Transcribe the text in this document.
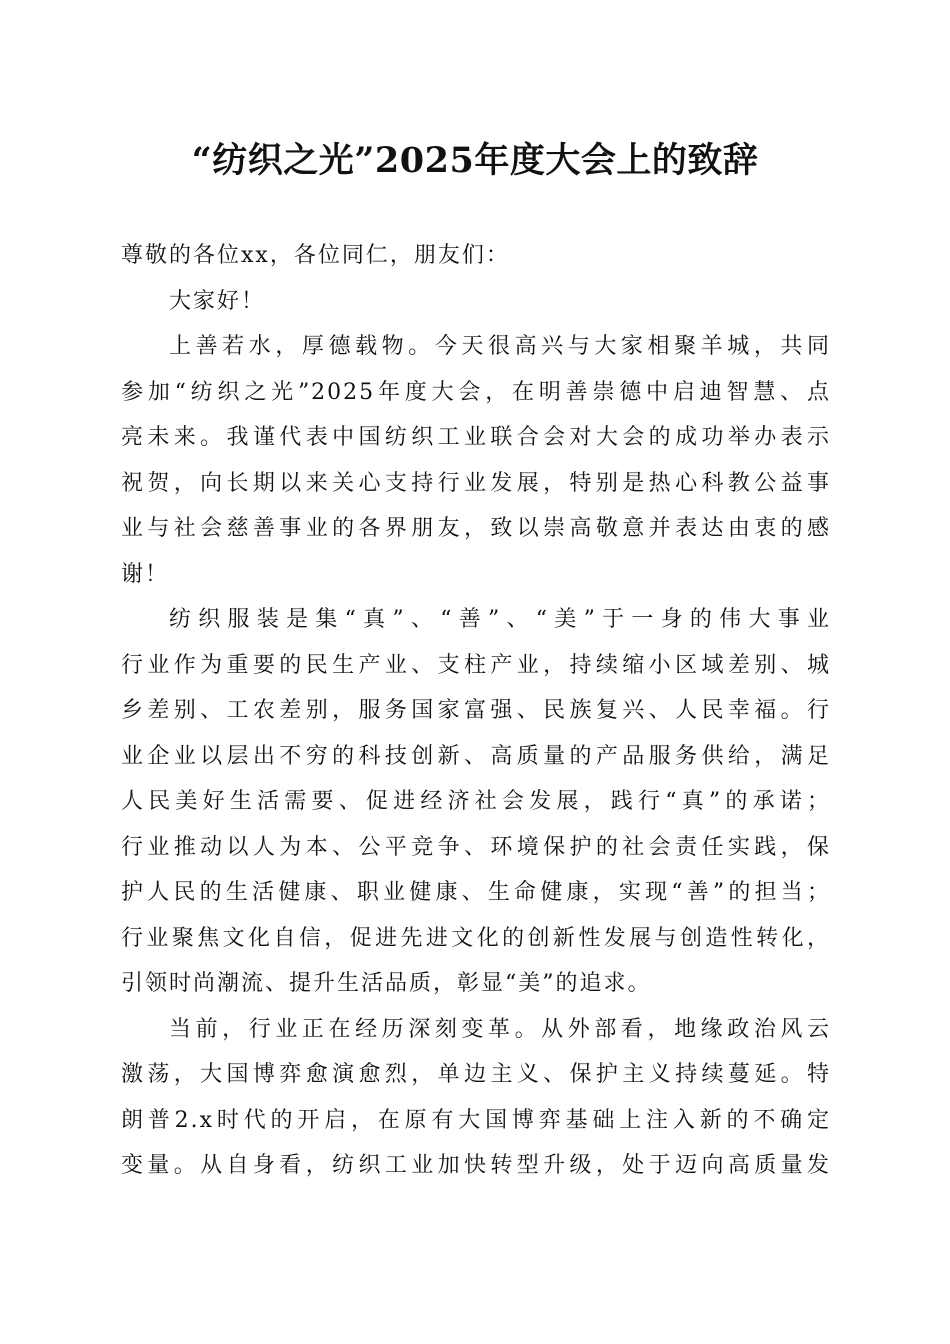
“纺织之光”2025年度大会上的致辞
尊敬的各位xx，各位同仁，朋友们：
大家好！
上善若水，厚德载物。今天很高兴与大家相聚羊城，共同
参加“纺织之光”2025年度大会，在明善崇德中启迪智慧、点
亮未来。我谨代表中国纺织工业联合会对大会的成功举办表示
祝贺，向长期以来关心支持行业发展，特别是热心科教公益事
业与社会慈善事业的各界朋友，致以崇高敬意并表达由衷的感
谢！
纺织服装是集“真”、“善”、“美”于一身的伟大事业
行业作为重要的民生产业、支柱产业，持续缩小区域差别、城
乡差别、工农差别，服务国家富强、民族复兴、人民幸福。行
业企业以层出不穷的科技创新、高质量的产品服务供给，满足
人民美好生活需要、促进经济社会发展，践行“真”的承诺；
行业推动以人为本、公平竞争、环境保护的社会责任实践，保
护人民的生活健康、职业健康、生命健康，实现“善”的担当；
行业聚焦文化自信，促进先进文化的创新性发展与创造性转化，
引领时尚潮流、提升生活品质，彰显“美”的追求。
当前，行业正在经历深刻变革。从外部看，地缘政治风云
激荡，大国博弈愈演愈烈，单边主义、保护主义持续蔓延。特
朗普2.x时代的开启，在原有大国博弈基础上注入新的不确定
变量。从自身看，纺织工业加快转型升级，处于迈向高质量发
